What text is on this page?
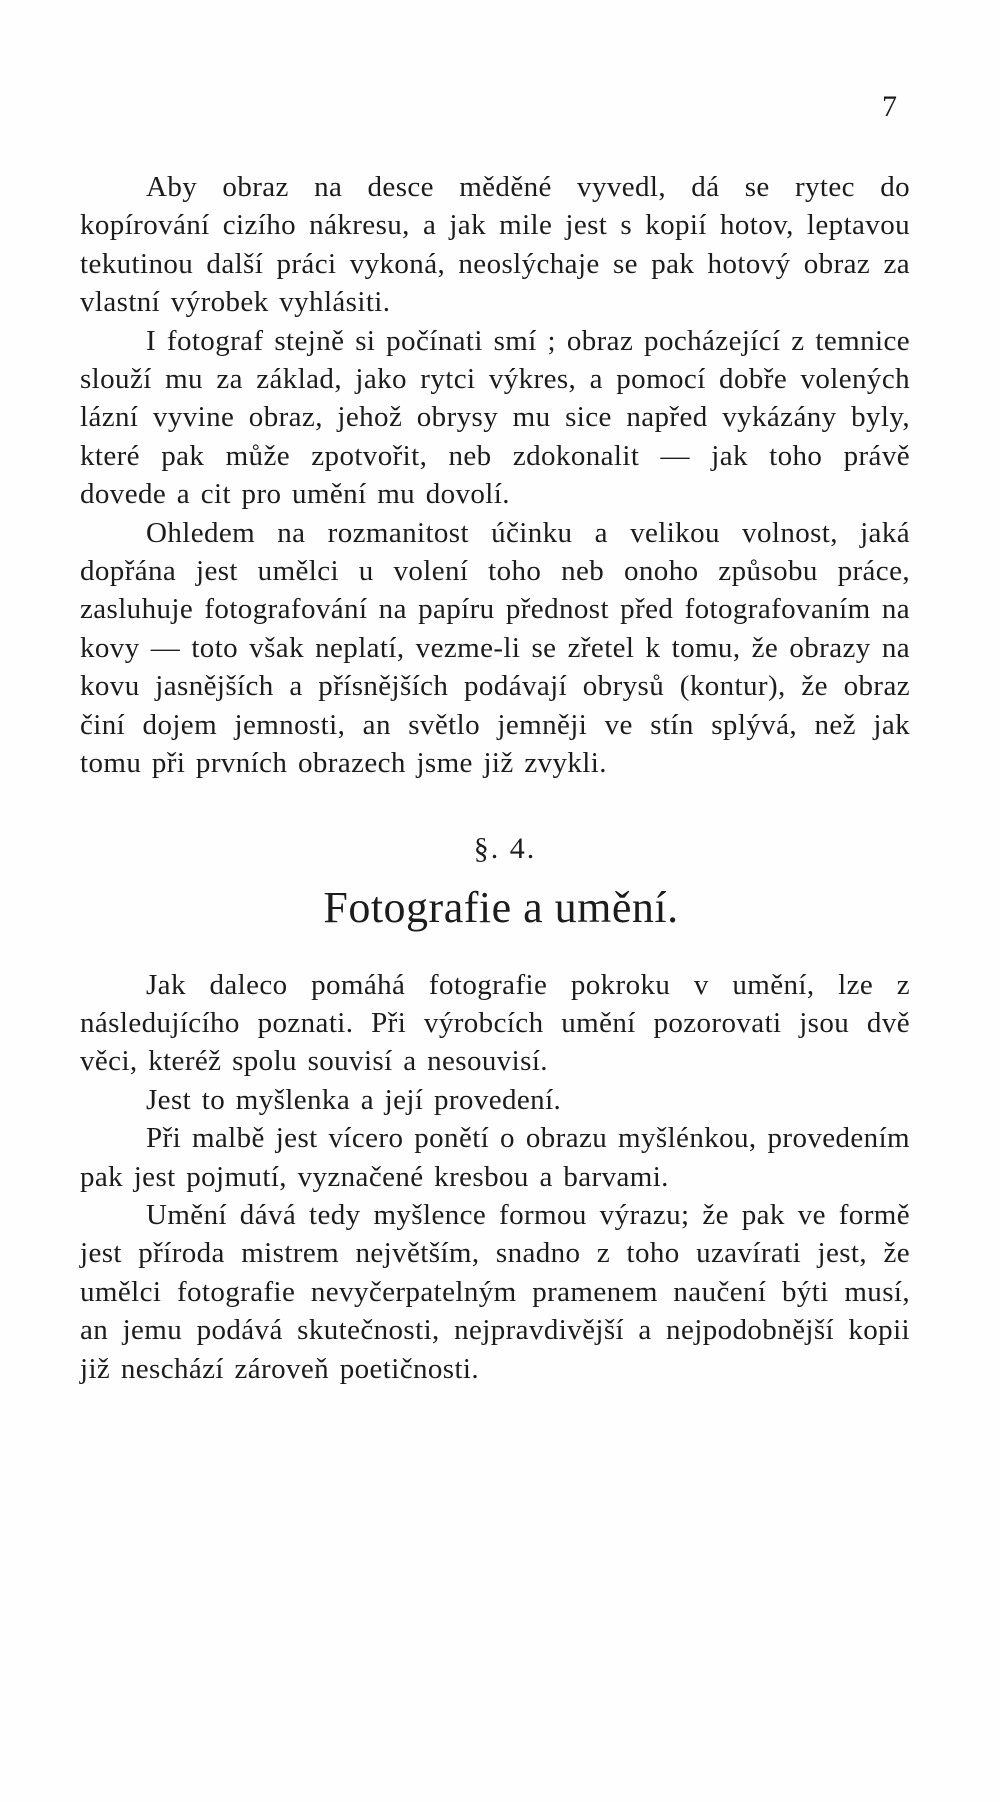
7

Aby obraz na desce měděné vyvedl, dá se rytec do kopírování cizího nákresu, a jak mile jest s kopií hotov, leptavou tekutinou další práci vykoná, neoslýchaje se pak hotový obraz za vlastní výrobek vyhlásiti.

I fotograf stejně si počínati smí ; obraz pocházející z temnice slouží mu za základ, jako rytci výkres, a pomocí dobře volených lázní vyvine obraz, jehož obrysy mu sice napřed vykázány byly, které pak může zpotvořit, neb zdokonalit — jak toho právě dovede a cit pro umění mu dovolí.

Ohledem na rozmanitost účinku a velikou volnost, jaká dopřána jest umělci u volení toho neb onoho způsobu práce, zasluhuje fotografování na papíru přednost před fotografovaním na kovy — toto však neplatí, vezme-li se zřetel k tomu, že obrazy na kovu jasnějších a přísnějších podávají obrysů (kontur), že obraz činí dojem jemnosti, an světlo jemněji ve stín splývá, než jak tomu při prvních obrazech jsme již zvykli.

§. 4.
Fotografie a umění.

Jak daleco pomáhá fotografie pokroku v umění, lze z následujícího poznati. Při výrobcích umění pozorovati jsou dvě věci, kteréž spolu souvisí a nesouvisí.

Jest to myšlenka a její provedení.

Při malbě jest vícero ponětí o obrazu myšlénkou, provedením pak jest pojmutí, vyznačené kresbou a barvami.

Umění dává tedy myšlence formou výrazu; že pak ve formě jest příroda mistrem největším, snadno z toho uzavírati jest, že umělci fotografie nevyčerpatelným pramenem naučení býti musí, an jemu podává skutečnosti, nejpravdivější a nejpodobnější kopii již neschází zároveň poetičnosti.
